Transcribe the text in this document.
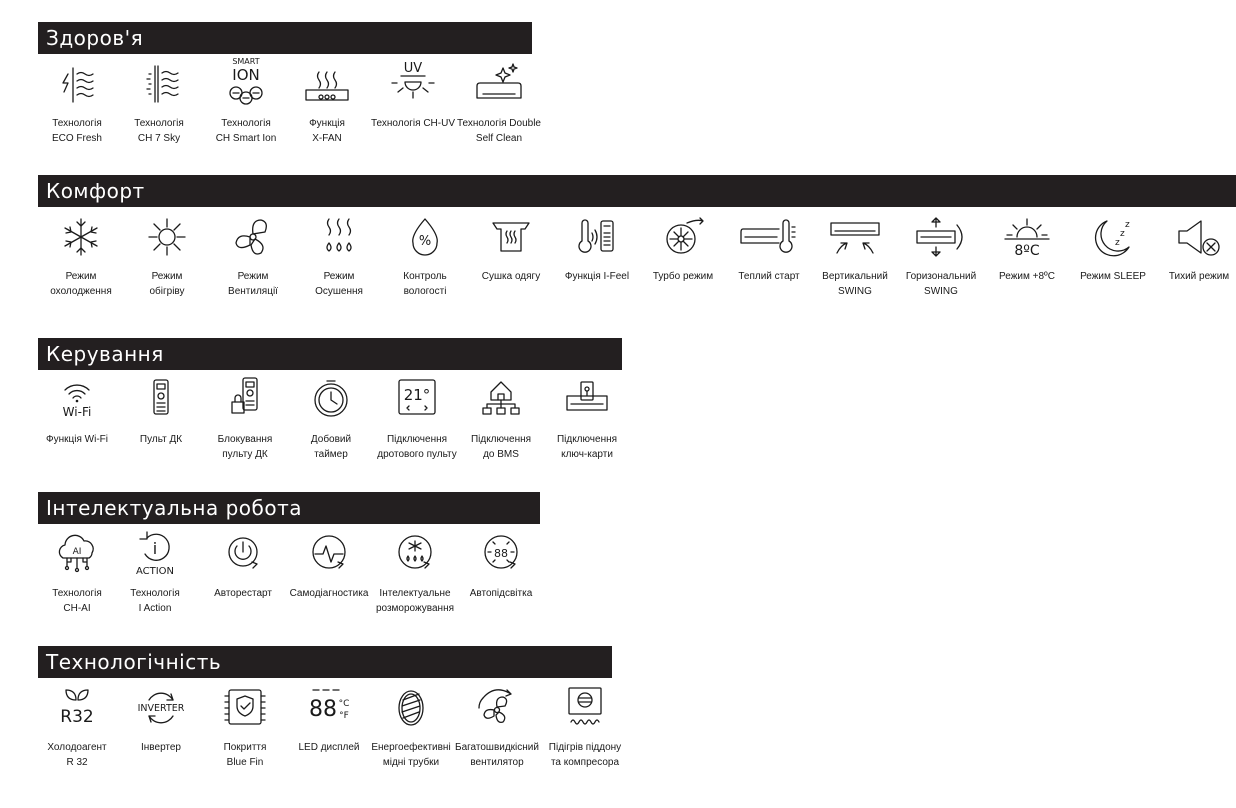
Здоров'я
Технологія
ECO Fresh
Технологія
CH 7 Sky
SMART
ION
Технологія
CH Smart Ion
Функція
X-FAN
UV
Технологія CH-UV Технологія Double
Self Clean
Комфорт
Режим
охолодження
Режим
обігріву
Режим
Вентиляції
Режим
Осушення
%
Контроль
вологості
Сушка одягу	Функція I-Feel	Турбо режим	Теплий старт	Вертикальний
SWING
Горизональний
SWING
8ºC
Режим +8ºC
z
z
z
Режим SLEEP	Тихий режим
Керування
Wi-Fi
Функція Wi-Fi	Пульт ДК	Блокування
пульту ДК
Добовий
таймер
21°
Підключення
дротового пульту
Підключення
до BMS
Підключення
ключ-карти
Інтелектуальна робота
AI
Технологія
CH-AI
i
ACTION
Технологія
I Action
Авторестарт	Самодіагностика	Інтелектуальне
розморожування
88
Автопідсвітка
Технологічність
R32
Холодоагент
R 32
INVERTER
Інвертер	Покриття
Blue Fin
88 °C
°F
LED дисплей	Енергоефективні
мідні трубки
Багатошвидкісний
вентилятор
Підігрів піддону
та компресора
